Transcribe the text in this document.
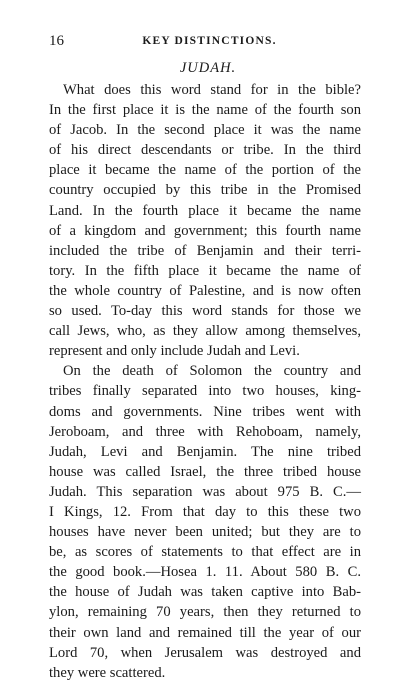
16	KEY DISTINCTIONS.
JUDAH.
What does this word stand for in the bible?
In the first place it is the name of the fourth son
of Jacob. In the second place it was the name
of his direct descendants or tribe. In the third
place it became the name of the portion of the
country occupied by this tribe in the Promised
Land. In the fourth place it became the name
of a kingdom and government; this fourth name
included the tribe of Benjamin and their terri-
tory. In the fifth place it became the name of
the whole country of Palestine, and is now often
so used. To-day this word stands for those we
call Jews, who, as they allow among themselves,
represent and only include Judah and Levi.
On the death of Solomon the country and
tribes finally separated into two houses, king-
doms and governments. Nine tribes went with
Jeroboam, and three with Rehoboam, namely,
Judah, Levi and Benjamin. The nine tribed
house was called Israel, the three tribed house
Judah. This separation was about 975 B. C.—
I Kings, 12. From that day to this these two
houses have never been united; but they are to
be, as scores of statements to that effect are in
the good book.—Hosea 1. 11. About 580 B. C.
the house of Judah was taken captive into Bab-
ylon, remaining 70 years, then they returned to
their own land and remained till the year of our
Lord 70, when Jerusalem was destroyed and
they were scattered.
